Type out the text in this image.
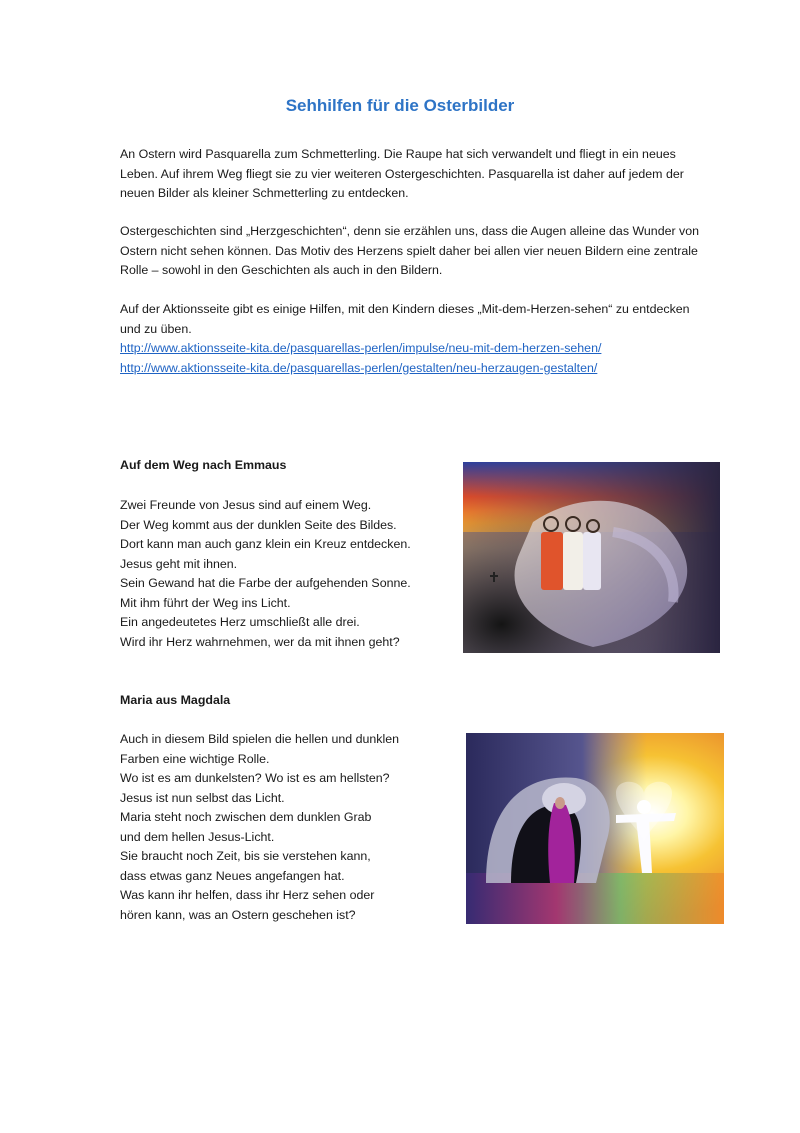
Sehhilfen für die Osterbilder

An Ostern wird Pasquarella zum Schmetterling. Die Raupe hat sich verwandelt und fliegt in ein neues Leben. Auf ihrem Weg fliegt sie zu vier weiteren Ostergeschichten. Pasquarella ist daher auf jedem der neuen Bilder als kleiner Schmetterling zu entdecken.

Ostergeschichten sind „Herzgeschichten“, denn sie erzählen uns, dass die Augen alleine das Wunder von Ostern nicht sehen können. Das Motiv des Herzens spielt daher bei allen vier neuen Bildern eine zentrale Rolle – sowohl in den Geschichten als auch in den Bildern.

Auf der Aktionsseite gibt es einige Hilfen, mit den Kindern dieses „Mit-dem-Herzen-sehen“ zu entdecken und zu üben.

http://www.aktionsseite-kita.de/pasquarellas-perlen/impulse/neu-mit-dem-herzen-sehen/
http://www.aktionsseite-kita.de/pasquarellas-perlen/gestalten/neu-herzaugen-gestalten/
Auf dem Weg nach Emmaus
Zwei Freunde von Jesus sind auf einem Weg.
Der Weg kommt aus der dunklen Seite des Bildes.
Dort kann man auch ganz klein ein Kreuz entdecken.
Jesus geht mit ihnen.
Sein Gewand hat die Farbe der aufgehenden Sonne.
Mit ihm führt der Weg ins Licht.
Ein angedeutetes Herz umschließt alle drei.
Wird ihr Herz wahrnehmen, wer da mit ihnen geht?
Maria aus Magdala
Auch in diesem Bild spielen die hellen und dunklen
Farben eine wichtige Rolle.
Wo ist es am dunkelsten? Wo ist es am hellsten?
Jesus ist nun selbst das Licht.
Maria steht noch zwischen dem dunklen Grab
und dem hellen Jesus-Licht.
Sie braucht noch Zeit, bis sie verstehen kann,
dass etwas ganz Neues angefangen hat.
Was kann ihr helfen, dass ihr Herz sehen oder
hören kann, was an Ostern geschehen ist?
